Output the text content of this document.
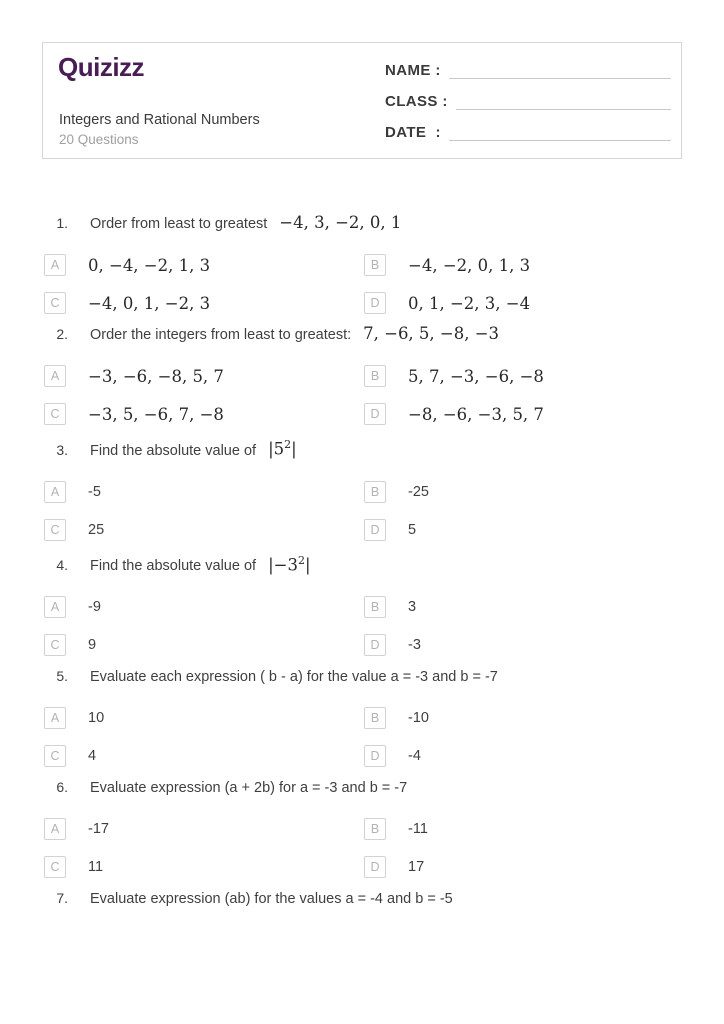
Quizizz
Integers and Rational Numbers
20 Questions
NAME :
CLASS :
DATE  :
1. Order from least to greatest −4, 3, −2, 0, 1
A	0, −4, −2, 1, 3	B	−4, −2, 0, 1, 3
C	−4, 0, 1, −2, 3	D	0, 1, −2, 3, −4
2. Order the integers from least to greatest: 7, −6, 5, −8, −3
A	−3, −6, −8, 5, 7	B	5, 7, −3, −6, −8
C	−3, 5, −6, 7, −8	D	−8, −6, −3, 5, 7
3. Find the absolute value of $|5^2|$
A	-5	B	-25
C	25	D	5
4. Find the absolute value of $|-3^2|$
A	-9	B	3
C	9	D	-3
5. Evaluate each expression ( b - a) for the value a = -3 and b = -7
A	10	B	-10
C	4	D	-4
6. Evaluate expression (a + 2b) for a = -3 and b = -7
A	-17	B	-11
C	11	D	17
7. Evaluate expression (ab) for the values a = -4 and b = -5
